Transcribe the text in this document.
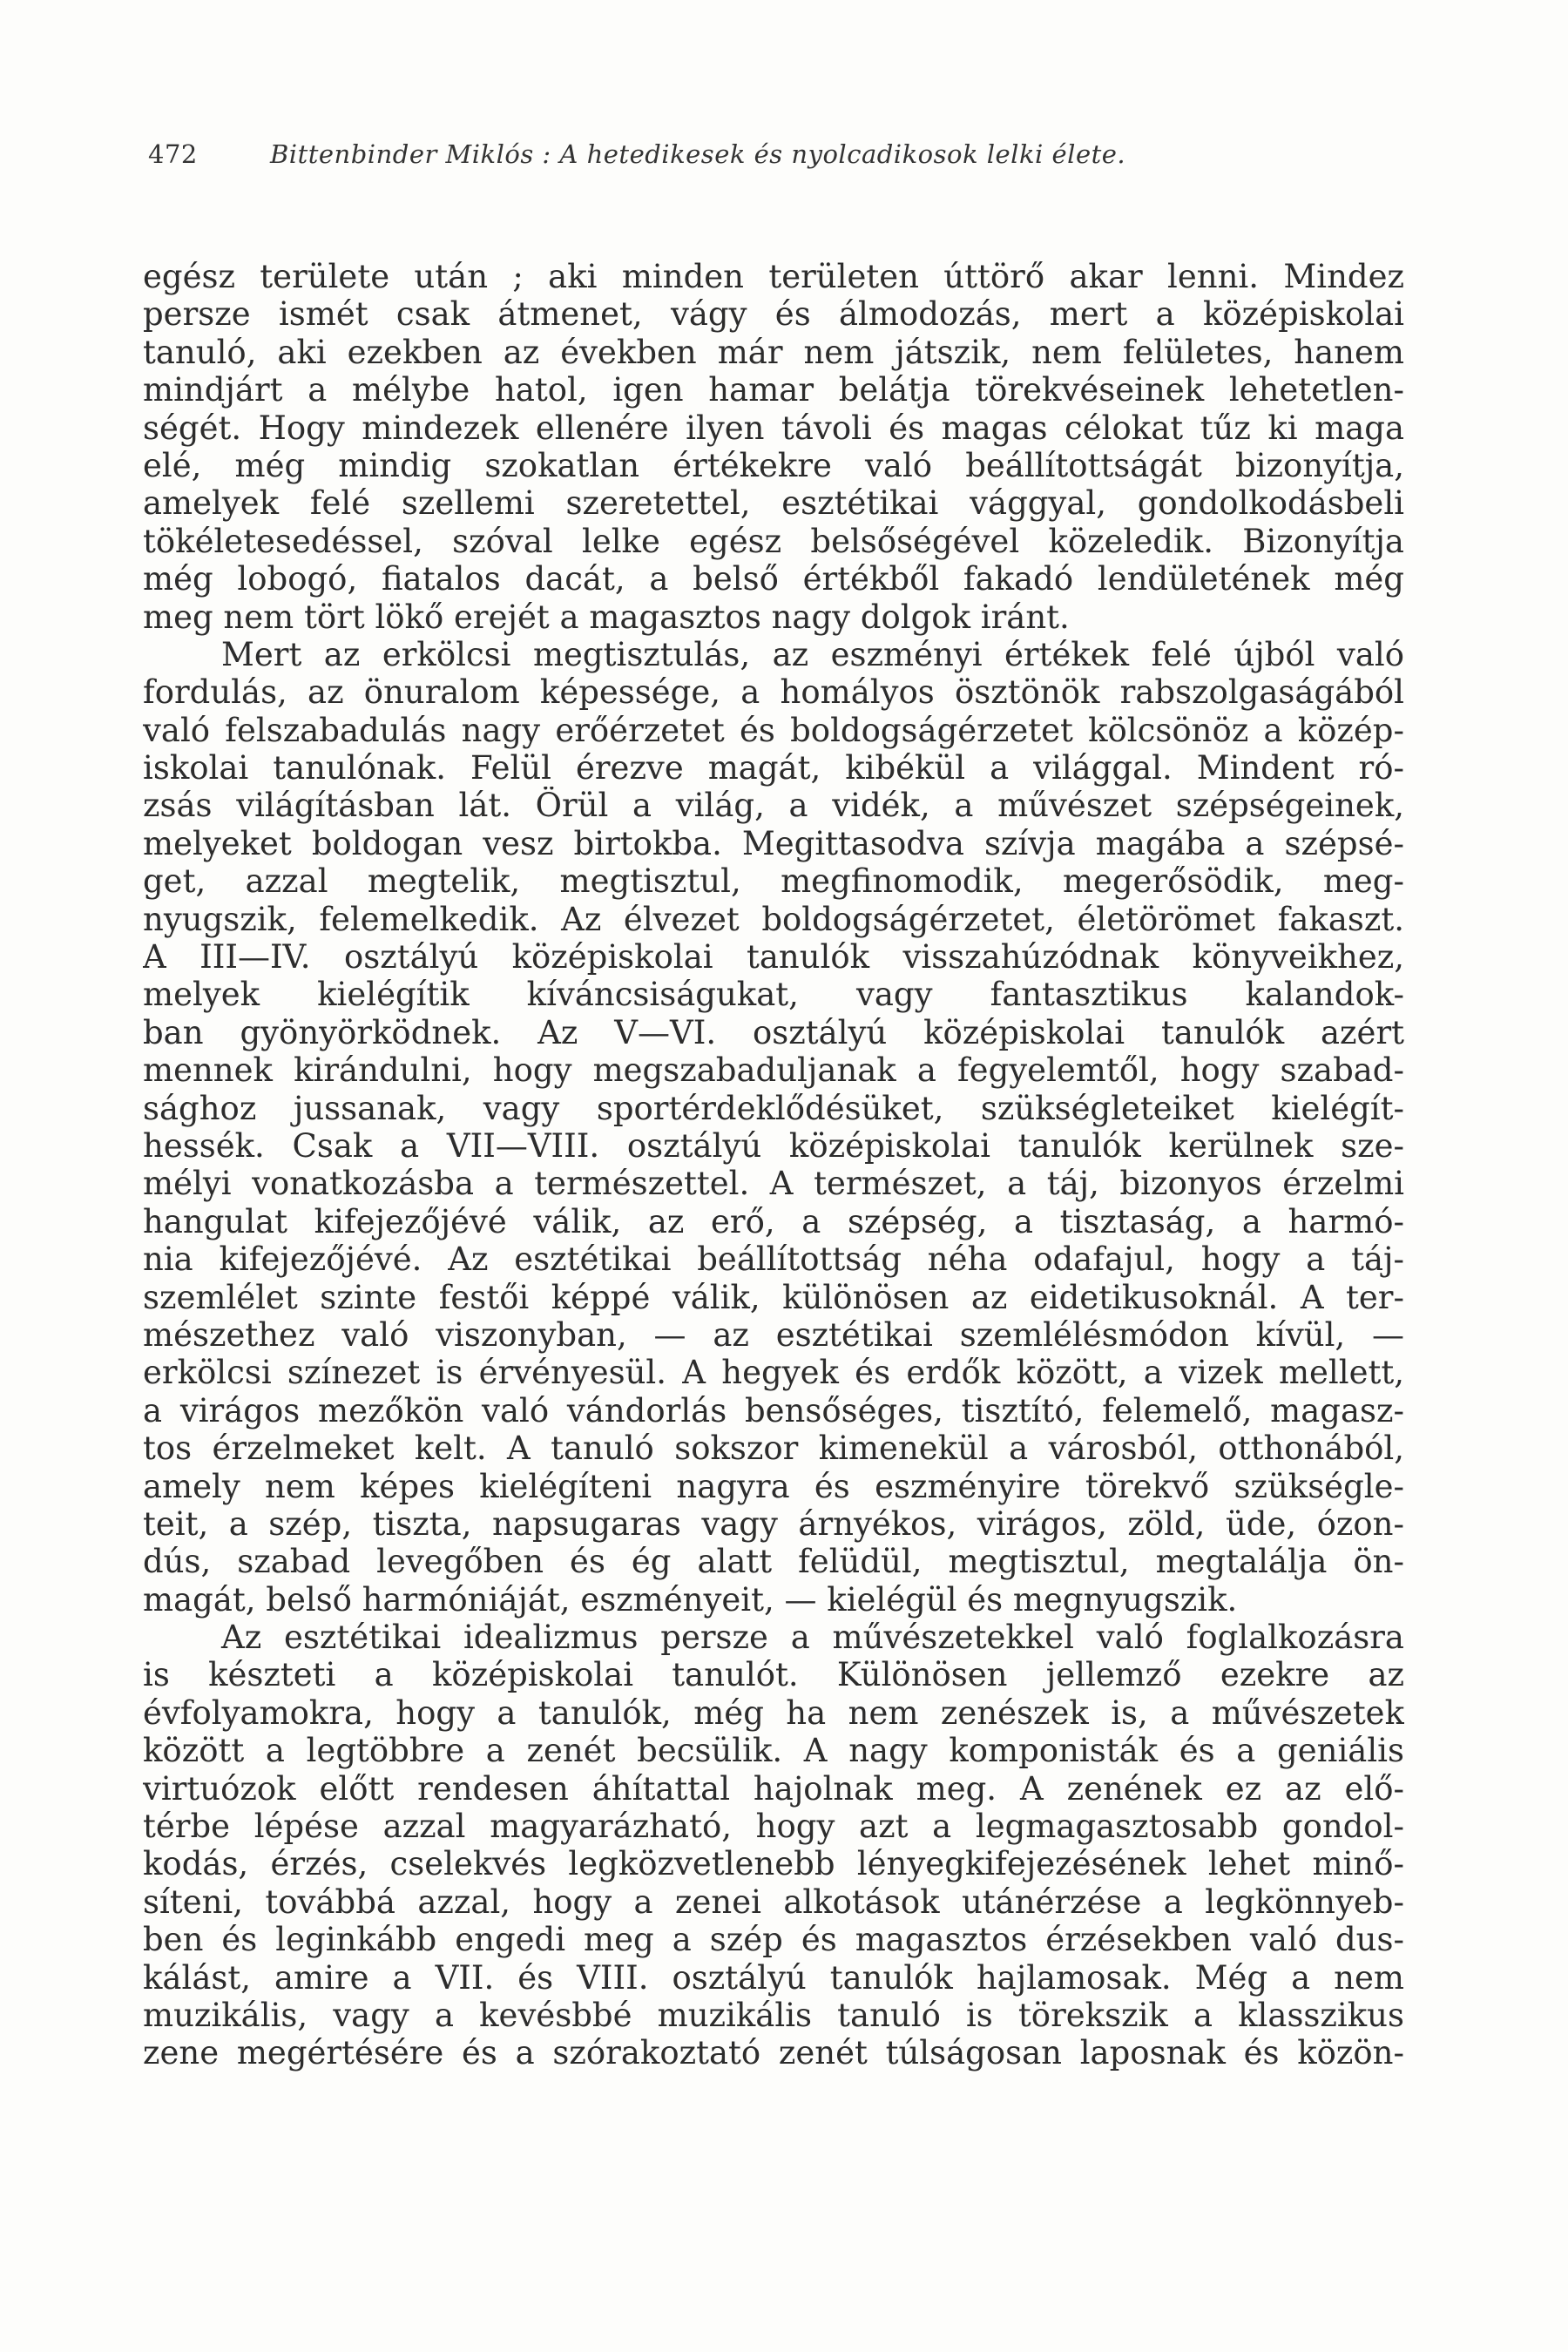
472	Bittenbinder Miklós : A hetedikesek és nyolcadikosok lelki élete.
egész területe után ; aki minden területen úttörő akar lenni. Mindez
persze ismét csak átmenet, vágy és álmodozás, mert a középiskolai
tanuló, aki ezekben az években már nem játszik, nem felületes, hanem
mindjárt a mélybe hatol, igen hamar belátja törekvéseinek lehetetlen-
ségét. Hogy mindezek ellenére ilyen távoli és magas célokat tűz ki maga
elé, még mindig szokatlan értékekre való beállítottságát bizonyítja,
amelyek felé szellemi szeretettel, esztétikai vággyal, gondolkodásbeli
tökéletesedéssel, szóval lelke egész belsőségével közeledik. Bizonyítja
még lobogó, fiatalos dacát, a belső értékből fakadó lendületének még
meg nem tört lökő erejét a magasztos nagy dolgok iránt.
Mert az erkölcsi megtisztulás, az eszményi értékek felé újból való
fordulás, az önuralom képessége, a homályos ösztönök rabszolgaságából
való felszabadulás nagy erőérzetet és boldogságérzetet kölcsönöz a közép-
iskolai tanulónak. Felül érezve magát, kibékül a világgal. Mindent ró-
zsás világításban lát. Örül a világ, a vidék, a művészet szépségeinek,
melyeket boldogan vesz birtokba. Megittasodva szívja magába a szépsé-
get, azzal megtelik, megtisztul, megfinomodik, megerősödik, meg-
nyugszik, felemelkedik. Az élvezet boldogságérzetet, életörömet fakaszt.
A III—IV. osztályú középiskolai tanulók visszahúzódnak könyveikhez,
melyek kielégítik kíváncsiságukat, vagy fantasztikus kalandok-
ban gyönyörködnek. Az V—VI. osztályú középiskolai tanulók azért
mennek kirándulni, hogy megszabaduljanak a fegyelemtől, hogy szabad-
sághoz jussanak, vagy sportérdeklődésüket, szükségleteiket kielégít-
hessék. Csak a VII—VIII. osztályú középiskolai tanulók kerülnek sze-
mélyi vonatkozásba a természettel. A természet, a táj, bizonyos érzelmi
hangulat kifejezőjévé válik, az erő, a szépség, a tisztaság, a harmó-
nia kifejezőjévé. Az esztétikai beállítottság néha odafajul, hogy a táj-
szemlélet szinte festői képpé válik, különösen az eidetikusoknál. A ter-
mészethez való viszonyban, — az esztétikai szemlélésmódon kívül, —
erkölcsi színezet is érvényesül. A hegyek és erdők között, a vizek mellett,
a virágos mezőkön való vándorlás bensőséges, tisztító, felemelő, magasz-
tos érzelmeket kelt. A tanuló sokszor kimenekül a városból, otthonából,
amely nem képes kielégíteni nagyra és eszményire törekvő szükségle-
teit, a szép, tiszta, napsugaras vagy árnyékos, virágos, zöld, üde, ózon-
dús, szabad levegőben és ég alatt felüdül, megtisztul, megtalálja ön-
magát, belső harmóniáját, eszményeit, — kielégül és megnyugszik.
Az esztétikai idealizmus persze a művészetekkel való foglalkozásra
is készteti a középiskolai tanulót. Különösen jellemző ezekre az
évfolyamokra, hogy a tanulók, még ha nem zenészek is, a művészetek
között a legtöbbre a zenét becsülik. A nagy komponisták és a geniális
virtuózok előtt rendesen áhítattal hajolnak meg. A zenének ez az elő-
térbe lépése azzal magyarázható, hogy azt a legmagasztosabb gondol-
kodás, érzés, cselekvés legközvetlenebb lényegkifejezésének lehet minő-
síteni, továbbá azzal, hogy a zenei alkotások utánérzése a legkönnyeb-
ben és leginkább engedi meg a szép és magasztos érzésekben való dus-
kálást, amire a VII. és VIII. osztályú tanulók hajlamosak. Még a nem
muzikális, vagy a kevésbbé muzikális tanuló is törekszik a klasszikus
zene megértésére és a szórakoztató zenét túlságosan laposnak és közön-
